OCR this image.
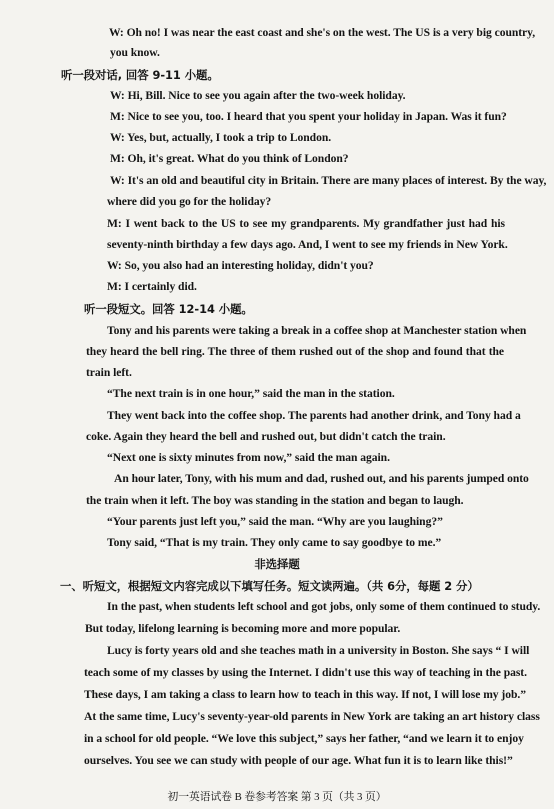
W: Oh no! I was near the east coast and she's on the west. The US is a very big country,
you know.
听一段对话, 回答 9-11 小题。
W: Hi, Bill. Nice to see you again after the two-week holiday.
M: Nice to see you, too. I heard that you spent your holiday in Japan. Was it fun?
W: Yes, but, actually, I took a trip to London.
M: Oh, it's great. What do you think of London?
W: It's an old and beautiful city in Britain. There are many places of interest. By the way,
where did you go for the holiday?
M: I went back to the US to see my grandparents. My grandfather just had his
seventy-ninth birthday a few days ago. And, I went to see my friends in New York.
W: So, you also had an interesting holiday, didn't you?
M: I certainly did.
听一段短文。回答 12-14 小题。
Tony and his parents were taking a break in a coffee shop at Manchester station when
they heard the bell ring. The three of them rushed out of the shop and found that the
train left.
“The next train is in one hour,” said the man in the station.
They went back into the coffee shop. The parents had another drink, and Tony had a
coke. Again they heard the bell and rushed out, but didn't catch the train.
“Next one is sixty minutes from now,” said the man again.
An hour later, Tony, with his mum and dad, rushed out, and his parents jumped onto
the train when it left. The boy was standing in the station and began to laugh.
“Your parents just left you,” said the man. “Why are you laughing?”
Tony said, “That is my train. They only came to say goodbye to me.”
非选择题
一、听短文，根据短文内容完成以下填写任务。短文读两遍。（共 6分，每题 2 分）
In the past, when students left school and got jobs, only some of them continued to study.
But today, lifelong learning is becoming more and more popular.
Lucy is forty years old and she teaches math in a university in Boston. She says “ I will
teach some of my classes by using the Internet. I didn't use this way of teaching in the past.
These days, I am taking a class to learn how to teach in this way. If not, I will lose my job.”
At the same time, Lucy's seventy-year-old parents in New York are taking an art history class
in a school for old people. “We love this subject,” says her father, “and we learn it to enjoy
ourselves. You see we can study with people of our age. What fun it is to learn like this!”
初一英语试卷 B 卷参考答案 第 3 页（共 3 页）
